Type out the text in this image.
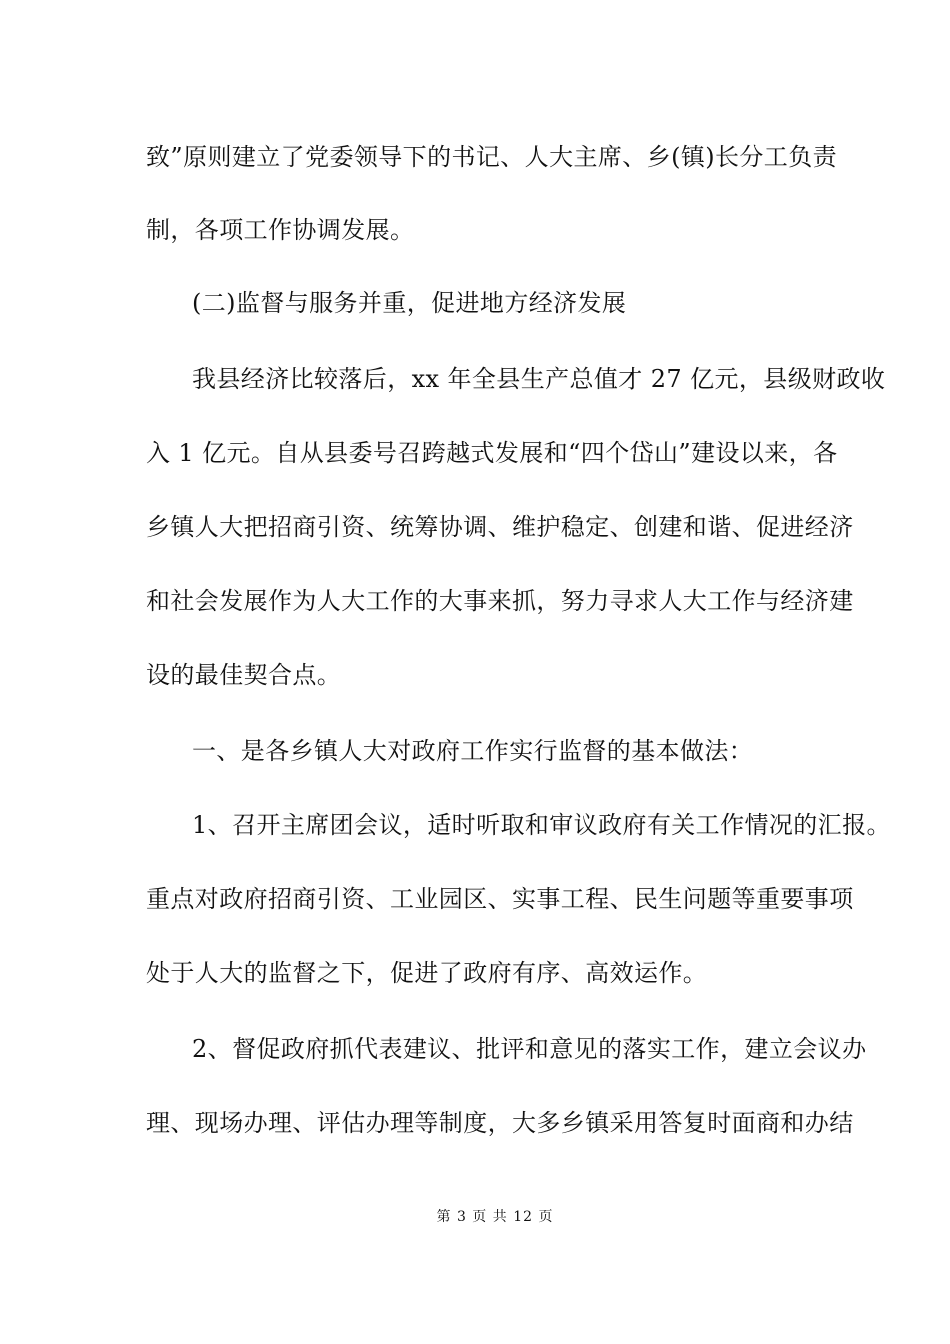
致”原则建立了党委领导下的书记、人大主席、乡(镇)长分工负责
制，各项工作协调发展。
(二)监督与服务并重，促进地方经济发展
我县经济比较落后，xx 年全县生产总值才 27 亿元，县级财政收
入 1 亿元。自从县委号召跨越式发展和“四个岱山”建设以来，各
乡镇人大把招商引资、统筹协调、维护稳定、创建和谐、促进经济
和社会发展作为人大工作的大事来抓，努力寻求人大工作与经济建
设的最佳契合点。
一、是各乡镇人大对政府工作实行监督的基本做法：
1、召开主席团会议，适时听取和审议政府有关工作情况的汇报。
重点对政府招商引资、工业园区、实事工程、民生问题等重要事项
处于人大的监督之下，促进了政府有序、高效运作。
2、督促政府抓代表建议、批评和意见的落实工作，建立会议办
理、现场办理、评估办理等制度，大多乡镇采用答复时面商和办结
第 3 页 共 12 页
